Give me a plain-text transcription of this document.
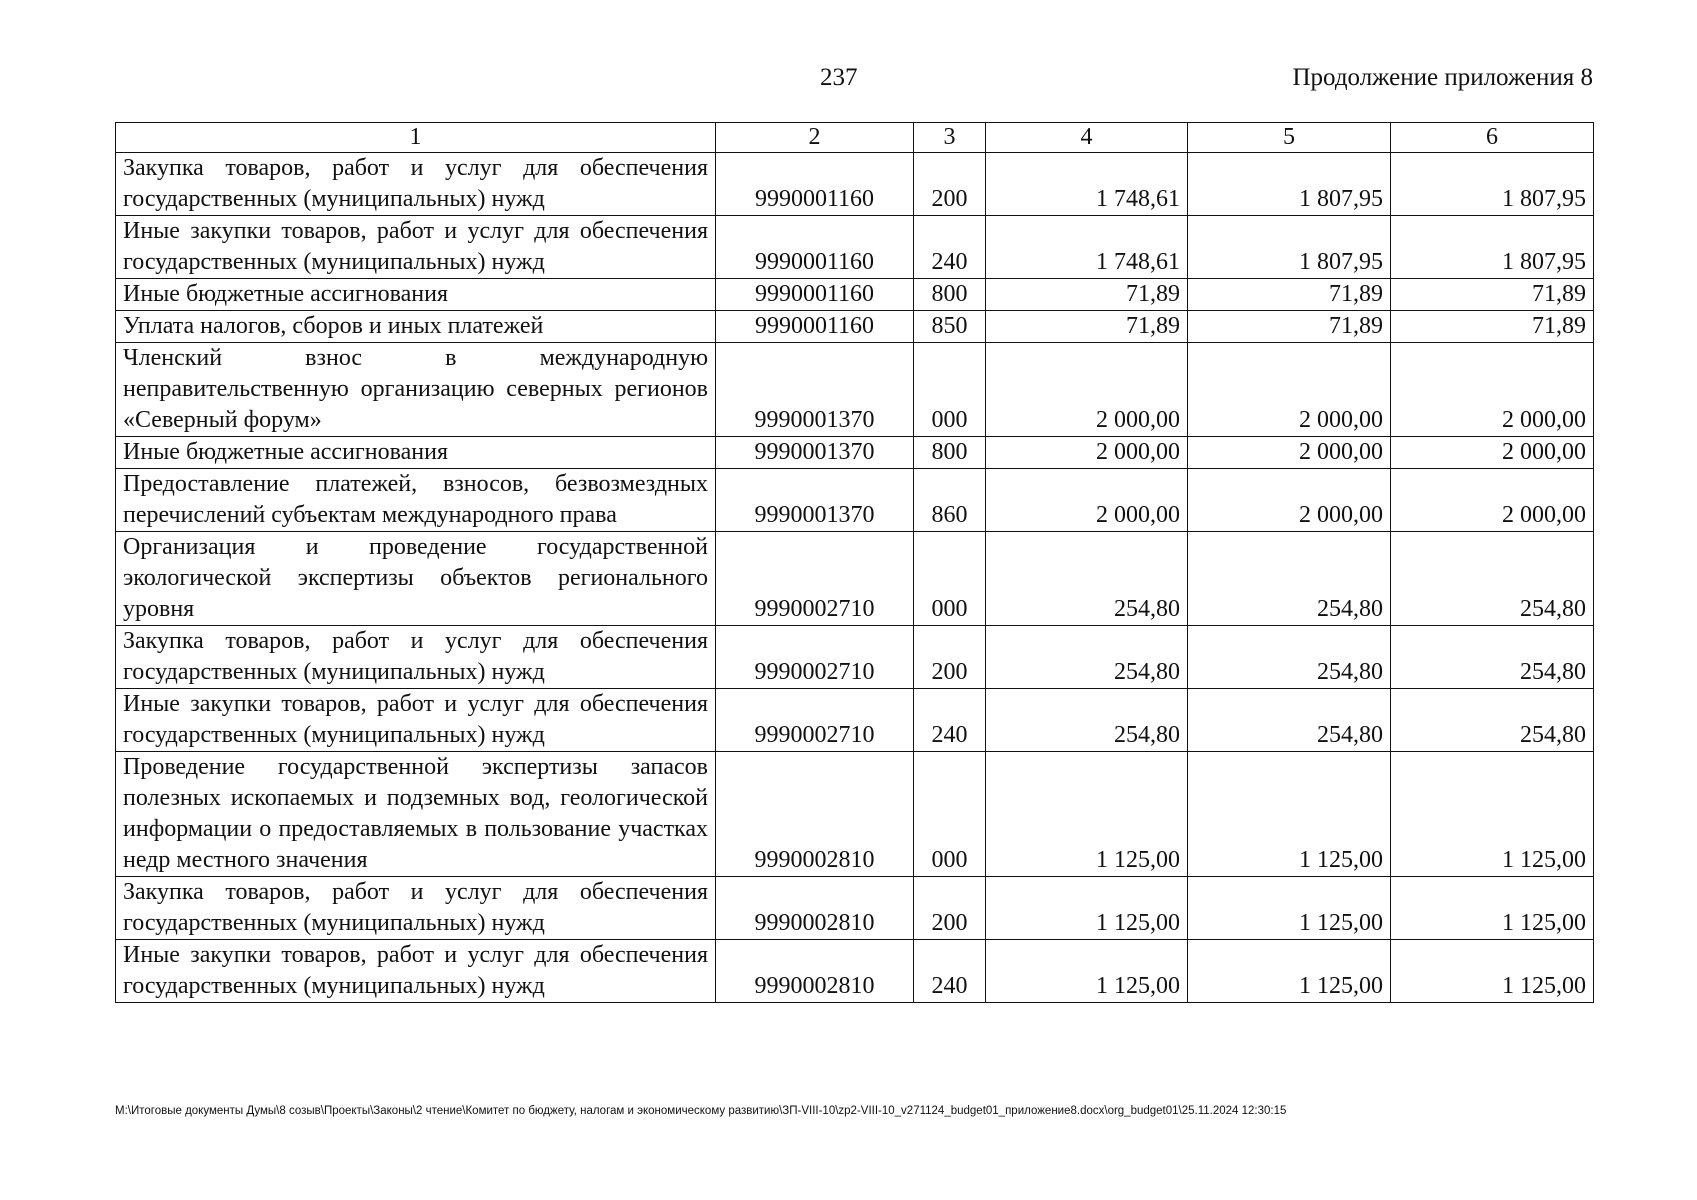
237	Продолжение приложения 8
1	2	3	4	5	6
Закупка товаров, работ и услуг для обеспечения государственных (муниципальных) нужд	9990001160	200	1 748,61	1 807,95	1 807,95
Иные закупки товаров, работ и услуг для обеспечения государственных (муниципальных) нужд	9990001160	240	1 748,61	1 807,95	1 807,95
Иные бюджетные ассигнования	9990001160	800	71,89	71,89	71,89
Уплата налогов, сборов и иных платежей	9990001160	850	71,89	71,89	71,89
Членский взнос в международную неправительственную организацию северных регионов «Северный форум»	9990001370	000	2 000,00	2 000,00	2 000,00
Иные бюджетные ассигнования	9990001370	800	2 000,00	2 000,00	2 000,00
Предоставление платежей, взносов, безвозмездных перечислений субъектам международного права	9990001370	860	2 000,00	2 000,00	2 000,00
Организация и проведение государственной экологической экспертизы объектов регионального уровня	9990002710	000	254,80	254,80	254,80
Закупка товаров, работ и услуг для обеспечения государственных (муниципальных) нужд	9990002710	200	254,80	254,80	254,80
Иные закупки товаров, работ и услуг для обеспечения государственных (муниципальных) нужд	9990002710	240	254,80	254,80	254,80
Проведение государственной экспертизы запасов полезных ископаемых и подземных вод, геологической информации о предоставляемых в пользование участках недр местного значения	9990002810	000	1 125,00	1 125,00	1 125,00
Закупка товаров, работ и услуг для обеспечения государственных (муниципальных) нужд	9990002810	200	1 125,00	1 125,00	1 125,00
Иные закупки товаров, работ и услуг для обеспечения государственных (муниципальных) нужд	9990002810	240	1 125,00	1 125,00	1 125,00
M:\Итоговые документы Думы\8 созыв\Проекты\Законы\2 чтение\Комитет по бюджету, налогам и экономическому развитию\ЗП-VIII-10\zp2-VIII-10_v271124_budget01_приложение8.docx\org_budget01\25.11.2024 12:30:15
